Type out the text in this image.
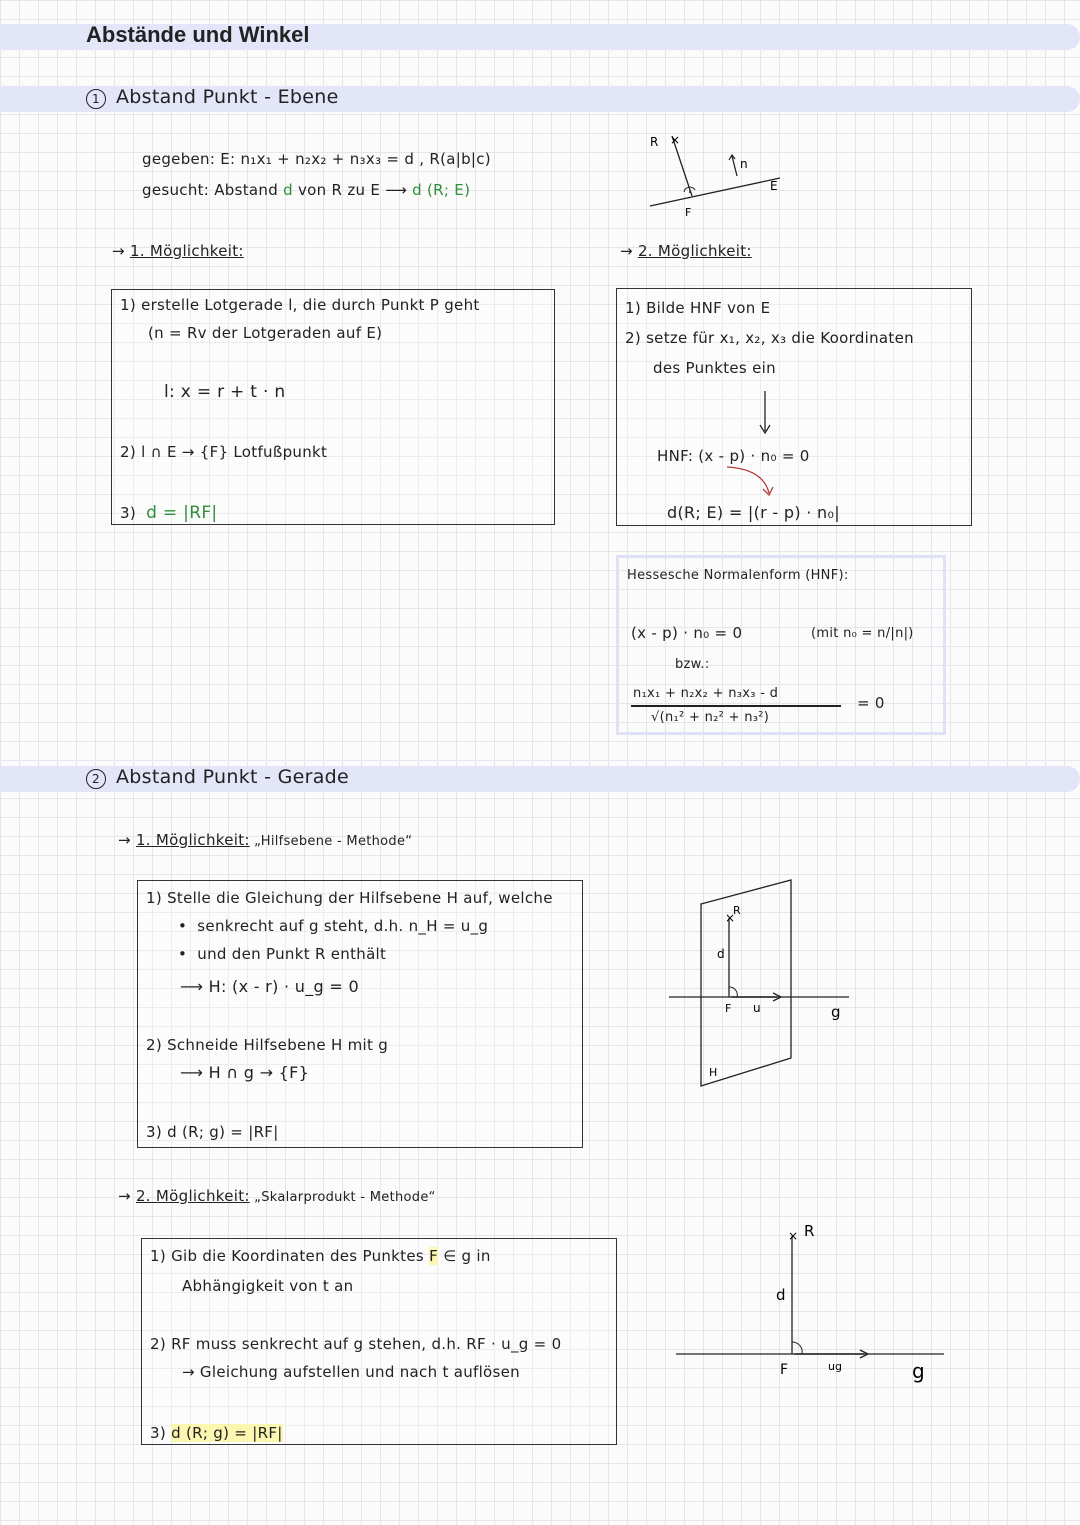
Abstände und Winkel
1 Abstand Punkt - Ebene
gegeben: E: n₁x₁ + n₂x₂ + n₃x₃ = d , R(a|b|c)
gesucht: Abstand d von R zu E ⟶ d (R; E)
R ×
n
E
F
→ 1. Möglichkeit:	→ 2. Möglichkeit:
1) erstelle Lotgerade l, die durch Punkt P geht
(n = Rv der Lotgeraden auf E)
l: x = r + t · n
2) l ∩ E → {F} Lotfußpunkt
3) d = |RF|
1) Bilde HNF von E
2) setze für x₁, x₂, x₃ die Koordinaten
des Punktes ein
HNF: (x - p) · n₀ = 0
d(R; E) = |(r - p) · n₀|
Hessesche Normalenform (HNF):
(x - p) · n₀ = 0	(mit n₀ = n/|n|)
bzw.:
n₁x₁ + n₂x₂ + n₃x₃ - d
√(n₁² + n₂² + n₃²)
= 0
2 Abstand Punkt - Gerade
→ 1. Möglichkeit: „Hilfsebene - Methode“
1) Stelle die Gleichung der Hilfsebene H auf, welche
•  senkrecht auf g steht, d.h. n_H = u_g
•  und den Punkt R enthält
⟶ H: (x - r) · u_g = 0
2) Schneide Hilfsebene H mit g
⟶ H ∩ g → {F}
3) d (R; g) = |RF|
×
R
d
F u	g
H
→ 2. Möglichkeit: „Skalarprodukt - Methode“
1) Gib die Koordinaten des Punktes F ∈ g in
Abhängigkeit von t an
2) RF muss senkrecht auf g stehen, d.h. RF · u_g = 0
→ Gleichung aufstellen und nach t auflösen
3) d (R; g) = |RF|
× R
d
F	ug	g
